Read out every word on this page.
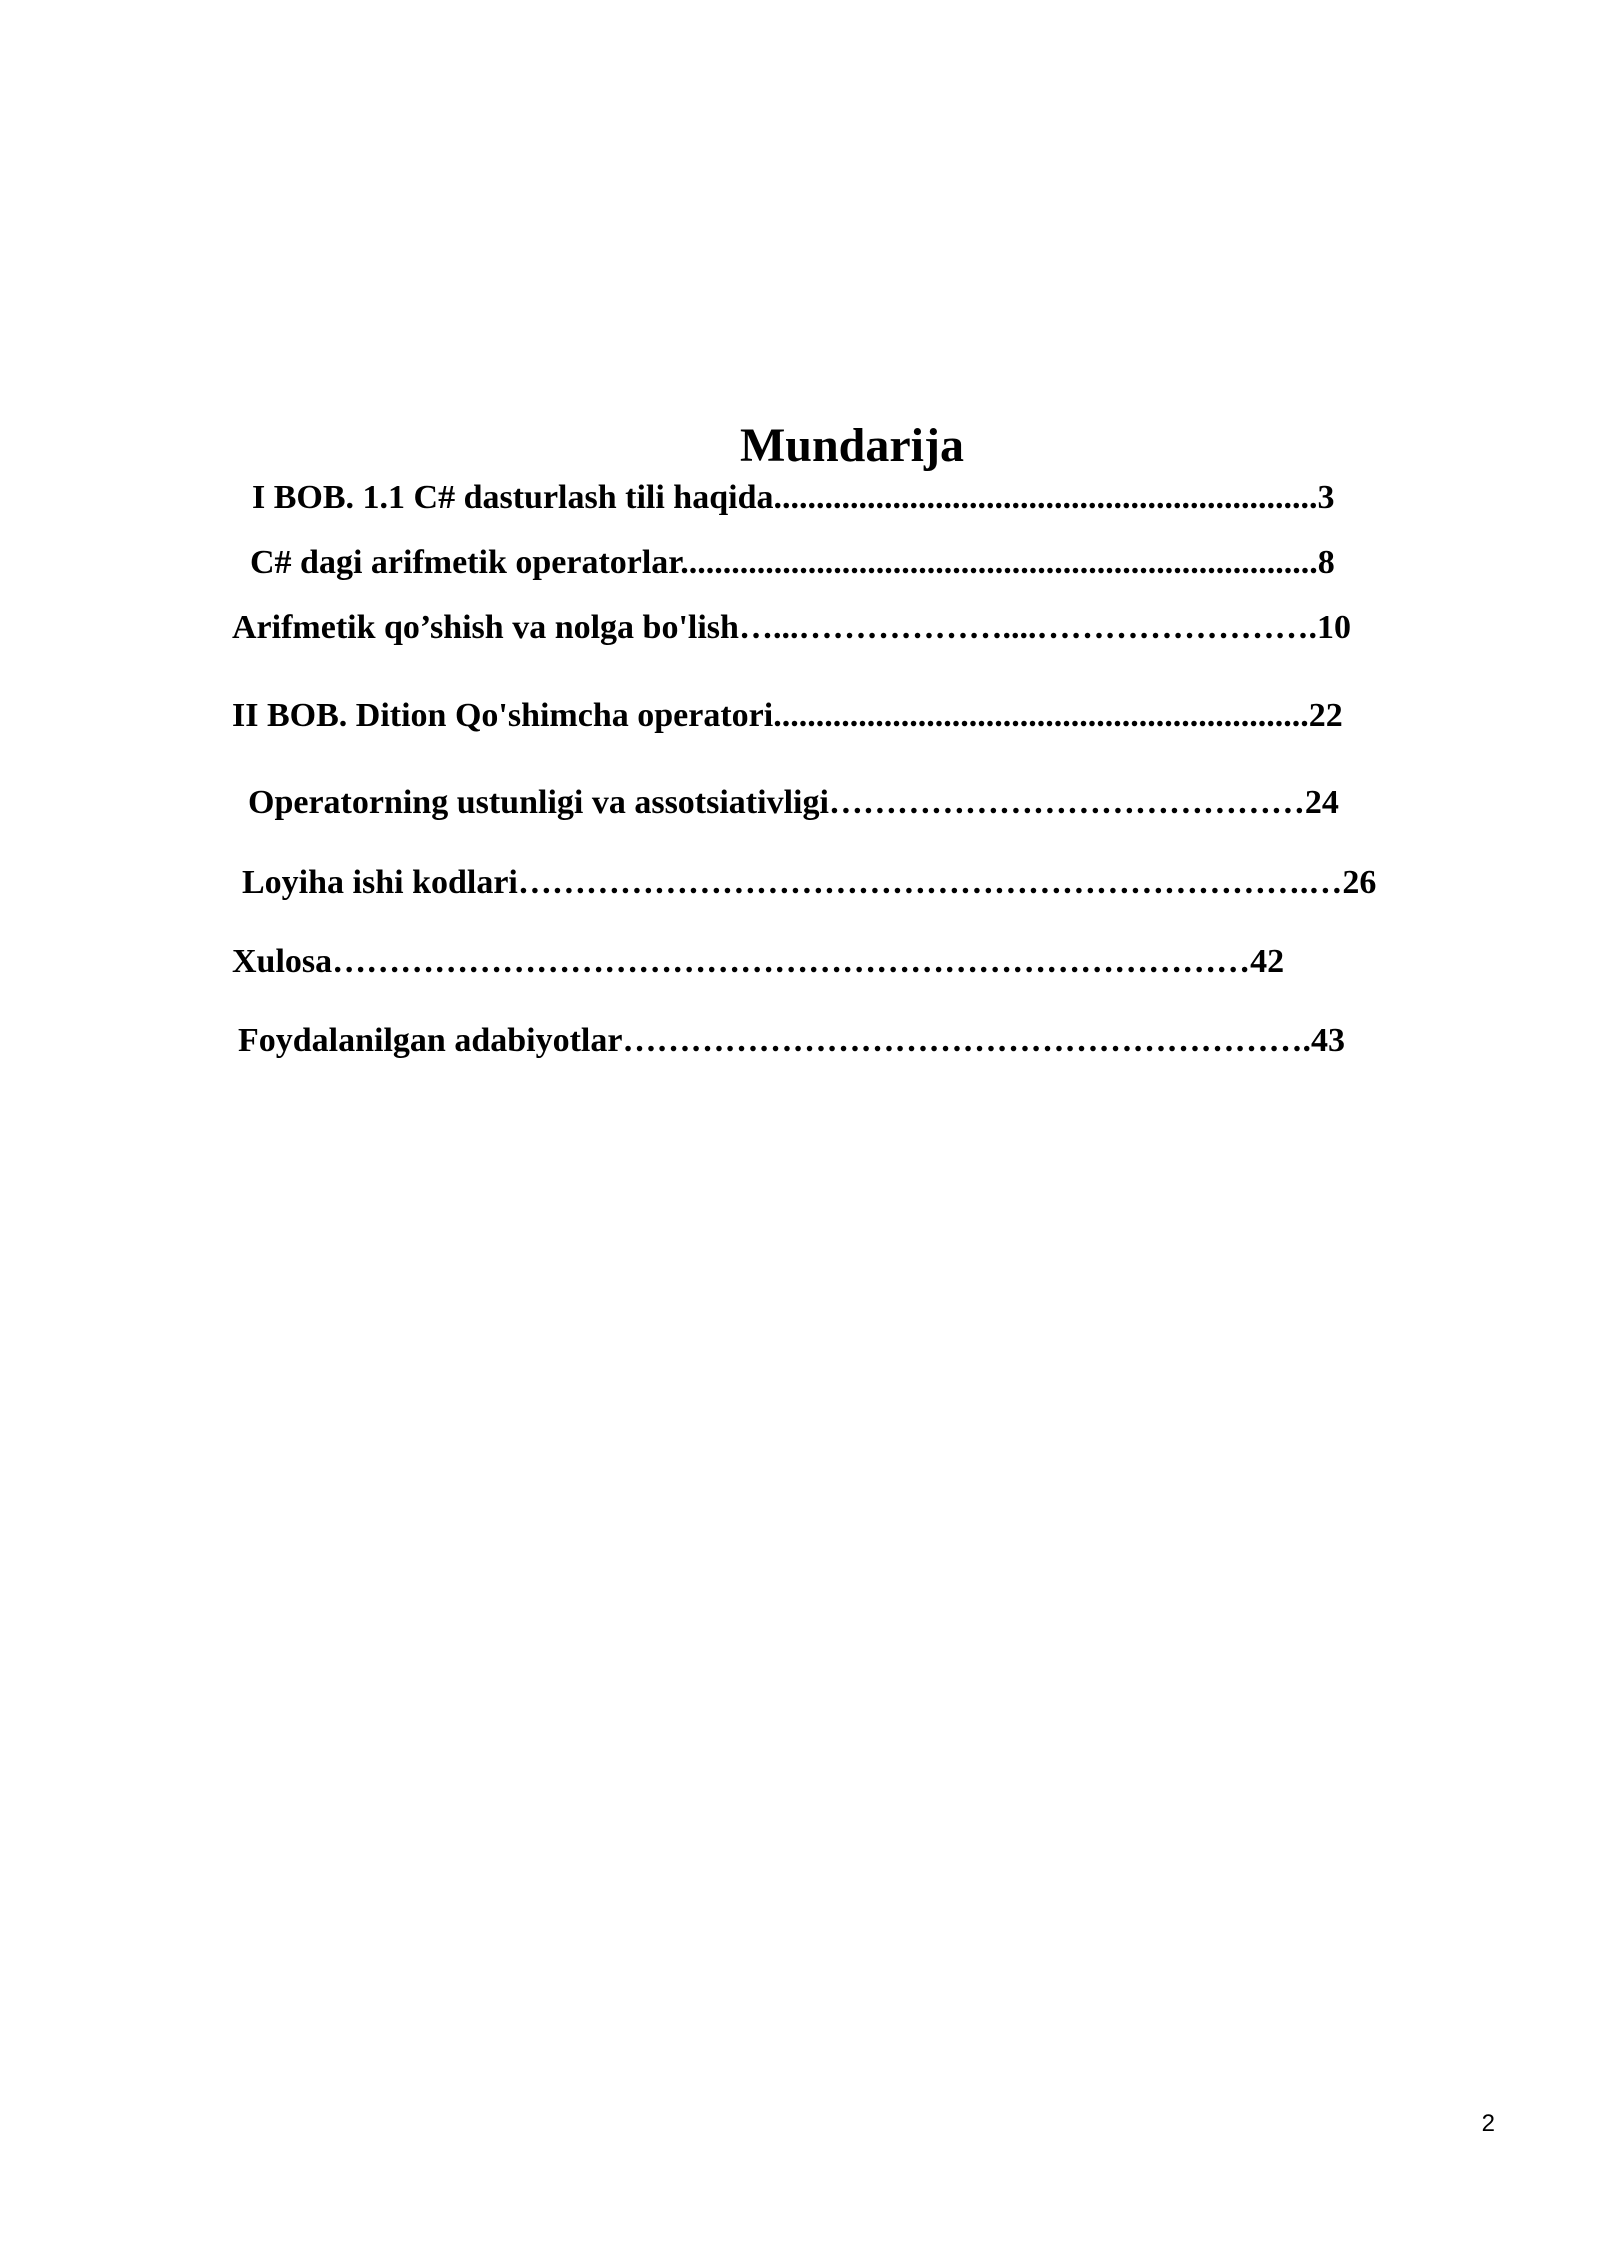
Mundarija

I BOB. 1.1 C# dasturlash tili haqida................................................................3

C# dagi arifmetik operatorlar...........................................................................8

Arifmetik qo’shish va nolga bo'lish…...………………....…………………….10

II BOB. Dition Qo'shimcha operatori...............................................................22

Operatorning ustunligi va assotsiativligi……………………………………24

Loyiha ishi kodlari…………………………………………………………….…26

Xulosa………………………………………………………………………42

Foydalanilgan adabiyotlar…………………………………………………….43

2
